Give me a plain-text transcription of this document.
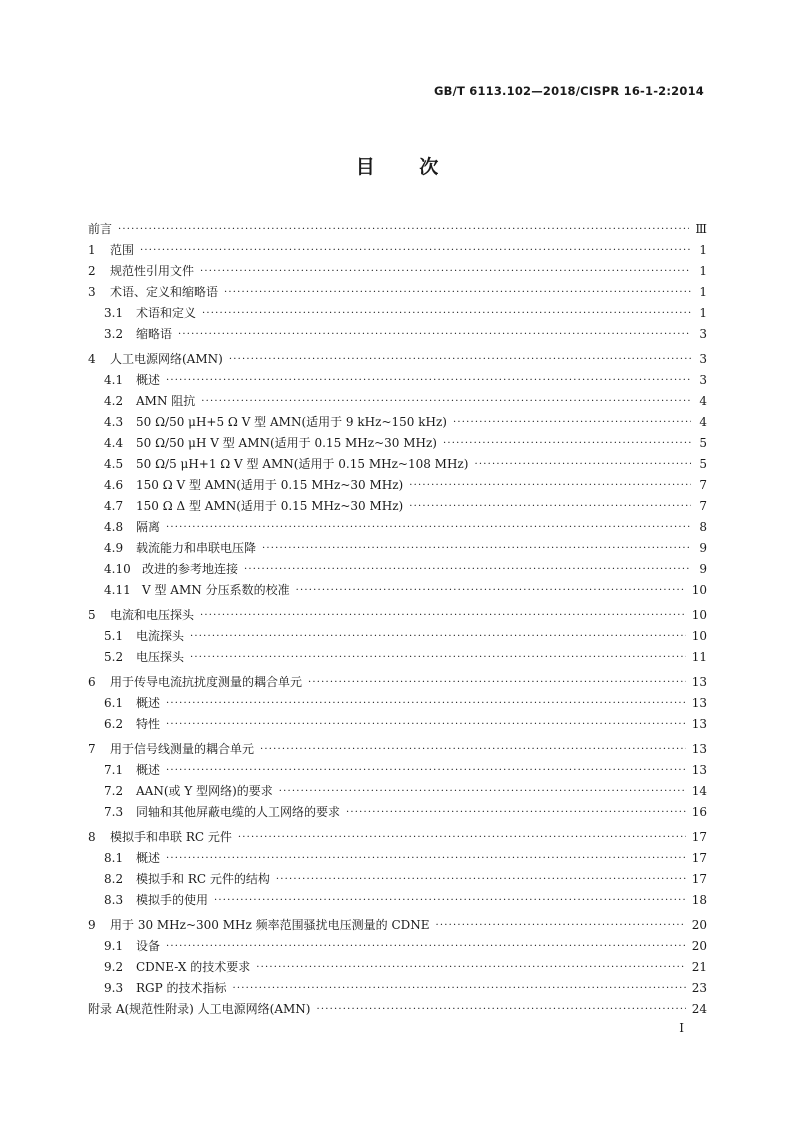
GB/T 6113.102—2018/CISPR 16-1-2:2014
目 次
前言 ·····	Ⅲ
1	范围 ·····	1
2	规范性引用文件 ·····	1
3	术语、定义和缩略语 ·····	1
3.1	术语和定义 ·····	1
3.2	缩略语 ·····	3
4	人工电源网络(AMN) ·····	3
4.1	概述 ·····	3
4.2	AMN 阻抗 ·····	4
4.3	50 Ω/50 μH+5 Ω V 型 AMN(适用于 9 kHz~150 kHz) ·····	4
4.4	50 Ω/50 μH V 型 AMN(适用于 0.15 MHz~30 MHz) ·····	5
4.5	50 Ω/5 μH+1 Ω V 型 AMN(适用于 0.15 MHz~108 MHz) ·····	5
4.6	150 Ω V 型 AMN(适用于 0.15 MHz~30 MHz) ·····	7
4.7	150 Ω Δ 型 AMN(适用于 0.15 MHz~30 MHz) ·····	7
4.8	隔离 ·····	8
4.9	载流能力和串联电压降 ·····	9
4.10 改进的参考地连接 ·····	9
4.11 V 型 AMN 分压系数的校准 ·····	10
5	电流和电压探头 ·····	10
5.1	电流探头 ·····	10
5.2	电压探头 ·····	11
6	用于传导电流抗扰度测量的耦合单元 ·····	13
6.1	概述 ·····	13
6.2	特性 ·····	13
7	用于信号线测量的耦合单元 ·····	13
7.1	概述 ·····	13
7.2	AAN(或 Y 型网络)的要求 ·····	14
7.3	同轴和其他屏蔽电缆的人工网络的要求 ·····	16
8	模拟手和串联 RC 元件 ·····	17
8.1	概述 ·····	17
8.2	模拟手和 RC 元件的结构 ·····	17
8.3	模拟手的使用 ·····	18
9	用于 30 MHz~300 MHz 频率范围骚扰电压测量的 CDNE ·····	20
9.1	设备 ·····	20
9.2	CDNE-X 的技术要求 ·····	21
9.3	RGP 的技术指标 ·····	23
附录 A(规范性附录) 人工电源网络(AMN) ·····	24
Ⅰ
